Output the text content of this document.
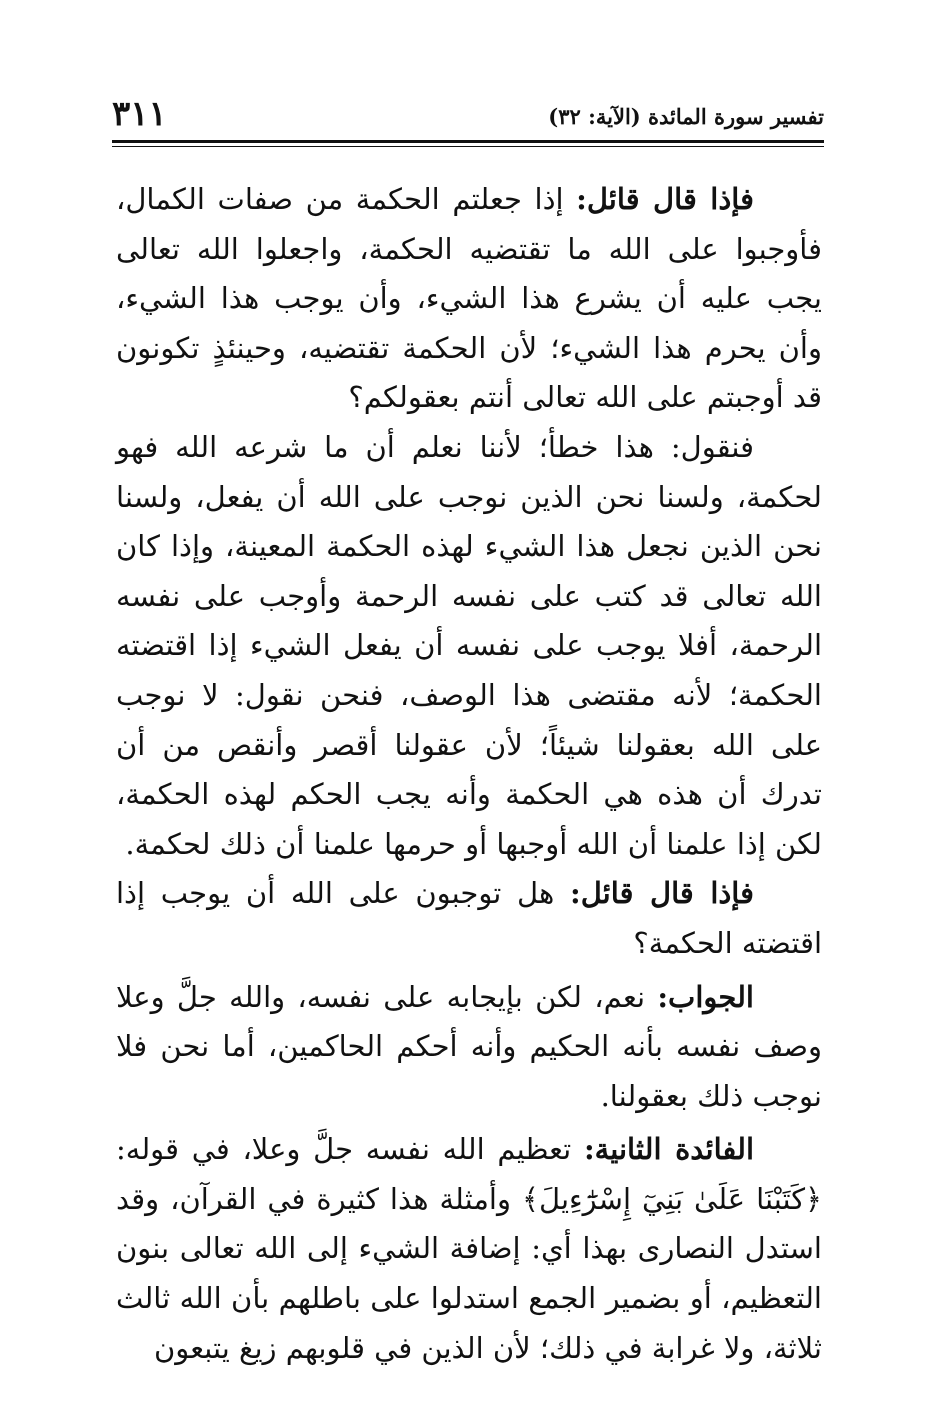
تفسير سورة المائدة (الآية: ٣٢)
٣١١

فإذا قال قائل: إذا جعلتم الحكمة من صفات الكمال، فأوجبوا على الله ما تقتضيه الحكمة، واجعلوا الله تعالى يجب عليه أن يشرع هذا الشيء، وأن يوجب هذا الشيء، وأن يحرم هذا الشيء؛ لأن الحكمة تقتضيه، وحينئذٍ تكونون قد أوجبتم على الله تعالى أنتم بعقولكم؟

فنقول: هذا خطأ؛ لأننا نعلم أن ما شرعه الله فهو لحكمة، ولسنا نحن الذين نوجب على الله أن يفعل، ولسنا نحن الذين نجعل هذا الشيء لهذه الحكمة المعينة، وإذا كان الله تعالى قد كتب على نفسه الرحمة وأوجب على نفسه الرحمة، أفلا يوجب على نفسه أن يفعل الشيء إذا اقتضته الحكمة؛ لأنه مقتضى هذا الوصف، فنحن نقول: لا نوجب على الله بعقولنا شيئاً؛ لأن عقولنا أقصر وأنقص من أن تدرك أن هذه هي الحكمة وأنه يجب الحكم لهذه الحكمة، لكن إذا علمنا أن الله أوجبها أو حرمها علمنا أن ذلك لحكمة.

فإذا قال قائل: هل توجبون على الله أن يوجب إذا اقتضته الحكمة؟

الجواب: نعم، لكن بإيجابه على نفسه، والله جلَّ وعلا وصف نفسه بأنه الحكيم وأنه أحكم الحاكمين، أما نحن فلا نوجب ذلك بعقولنا.

الفائدة الثانية: تعظيم الله نفسه جلَّ وعلا، في قوله: ﴿كَتَبْنَا عَلَىٰ بَنِيٓ إِسْرَٰٓءِيلَ﴾ وأمثلة هذا كثيرة في القرآن، وقد استدل النصارى بهذا أي: إضافة الشيء إلى الله تعالى بنون التعظيم، أو بضمير الجمع استدلوا على باطلهم بأن الله ثالث ثلاثة، ولا غرابة في ذلك؛ لأن الذين في قلوبهم زيغ يتبعون
